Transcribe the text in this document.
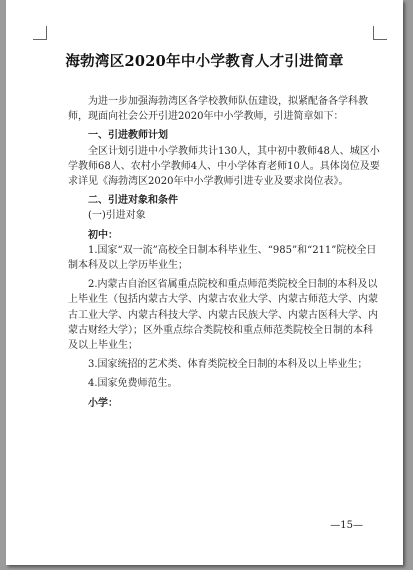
海勃湾区2020年中小学教育人才引进简章

为进一步加强海勃湾区各学校教师队伍建设，拟紧配备各学科教师，现面向社会公开引进2020年中小学教师，引进简章如下：

一、引进教师计划

全区计划引进中小学教师共计130人，其中初中教师48人、城区小学教师68人、农村小学教师4人、中小学体育老师10人。具体岗位及要求详见《海勃湾区2020年中小学教师引进专业及要求岗位表》。

二、引进对象和条件

(一)引进对象

初中：

1.国家“双一流”高校全日制本科毕业生、“985”和“211”院校全日制本科及以上学历毕业生；

2.内蒙古自治区省属重点院校和重点师范类院校全日制的本科及以上毕业生（包括内蒙古大学、内蒙古农业大学、内蒙古师范大学、内蒙古工业大学、内蒙古科技大学、内蒙古民族大学、内蒙古医科大学、内蒙古财经大学）；区外重点综合类院校和重点师范类院校全日制的本科及以上毕业生；

3.国家统招的艺术类、体育类院校全日制的本科及以上毕业生；

4.国家免费师范生。

小学：

—15—
